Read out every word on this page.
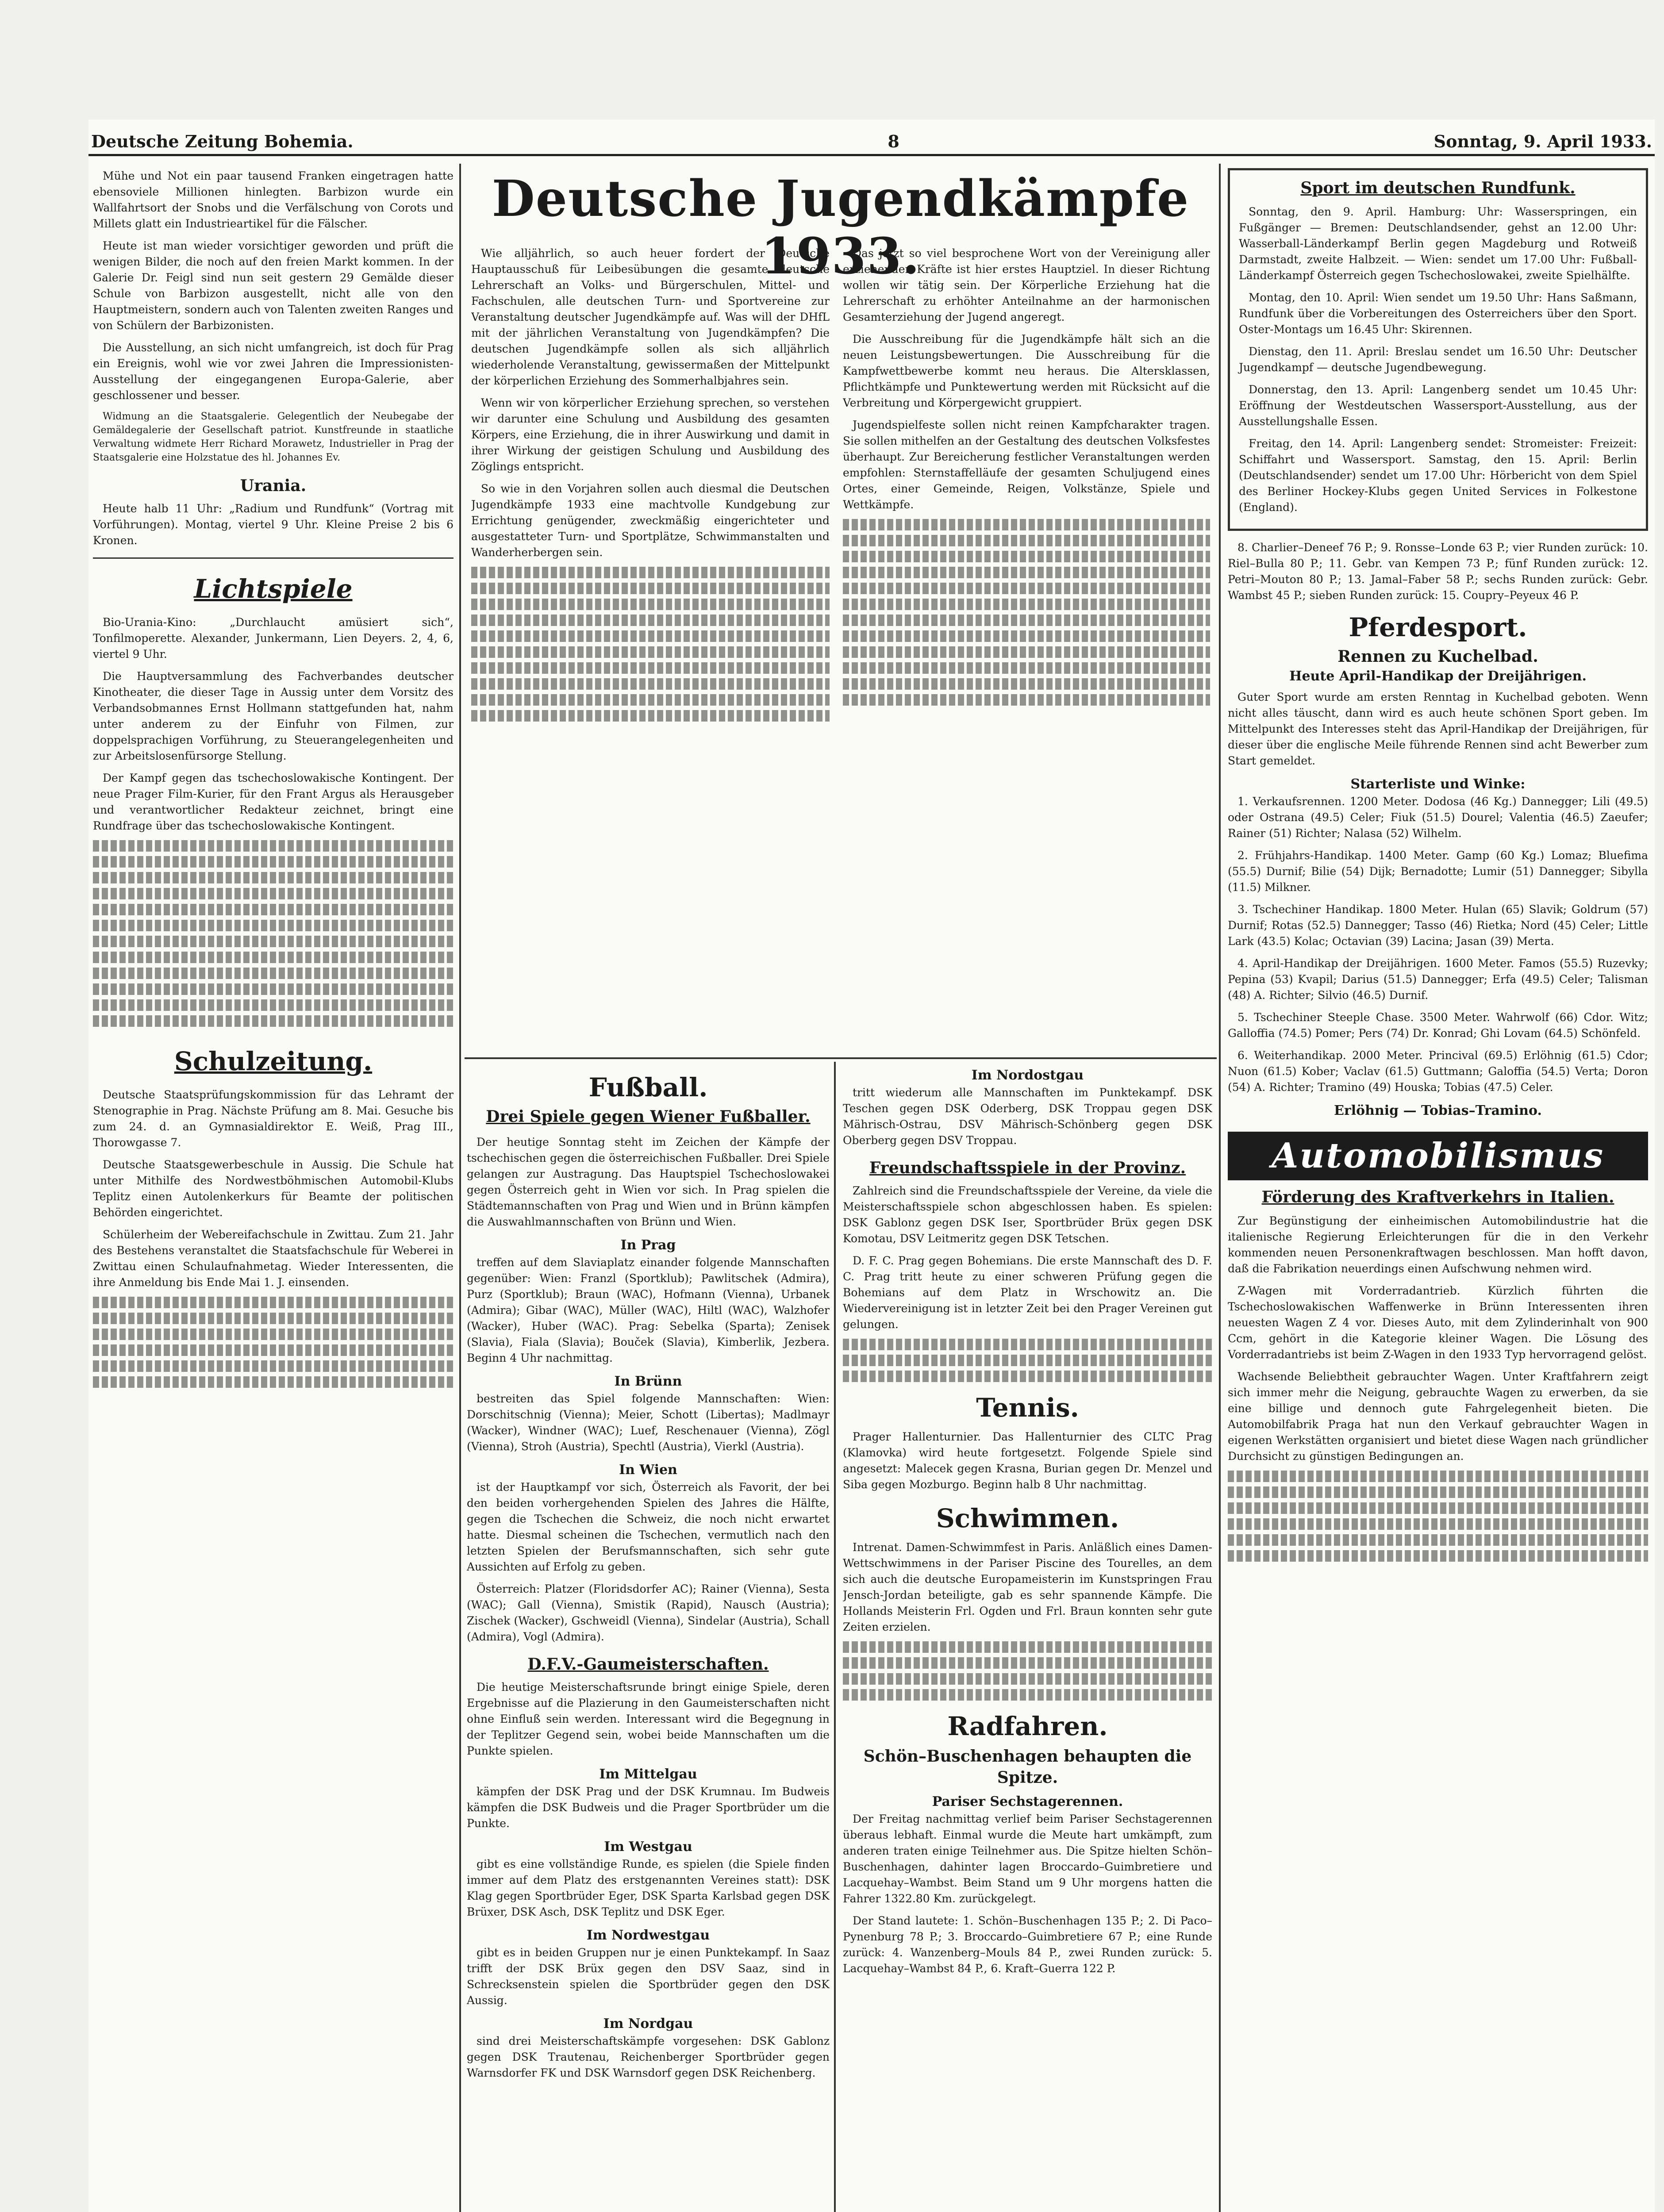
Deutsche Zeitung Bohemia.	8	Sonntag, 9. April 1933.

Mühe und Not ein paar tausend Franken eingetragen hatte ebensoviele Millionen hinlegten. Barbizon wurde ein Wallfahrtsort der Snobs und die Verfälschung von Corots und Millets glatt ein Industrieartikel für die Fälscher.

Heute ist man wieder vorsichtiger geworden und prüft die wenigen Bilder, die noch auf den freien Markt kommen. In der Galerie Dr. Feigl sind nun seit gestern 29 Gemälde dieser Schule von Barbizon ausgestellt, nicht alle von den Hauptmeistern, sondern auch von Talenten zweiten Ranges und von Schülern der Barbizonisten.

Die Ausstellung, an sich nicht umfangreich, ist doch für Prag ein Ereignis, wohl wie vor zwei Jahren die Impressionisten-Ausstellung der eingegangenen Europa-Galerie, aber geschlossener und besser.

Widmung an die Staatsgalerie. Gelegentlich der Neubegabe der Gemäldegalerie der Gesellschaft patriot. Kunstfreunde in staatliche Verwaltung widmete Herr Richard Morawetz, Industrieller in Prag der Staatsgalerie eine Holzstatue des hl. Johannes Ev.

Urania.

Heute halb 11 Uhr: „Radium und Rundfunk“ (Vortrag mit Vorführungen). Montag, viertel 9 Uhr. Kleine Preise 2 bis 6 Kronen.

Lichtspiele

Bio-Urania-Kino: „Durchlaucht amüsiert sich“, Tonfilmoperette. Alexander, Junkermann, Lien Deyers. 2, 4, 6, viertel 9 Uhr.

Die Hauptversammlung des Fachverbandes deutscher Kinotheater, die dieser Tage in Aussig unter dem Vorsitz des Verbandsobmannes Ernst Hollmann stattgefunden hat, nahm unter anderem zu der Einfuhr von Filmen, zur doppelsprachigen Vorführung, zu Steuerangelegenheiten und zur Arbeitslosenfürsorge Stellung.

Der Kampf gegen das tschechoslowakische Kontingent. Der neue Prager Film-Kurier, für den Frant Argus als Herausgeber und verantwortlicher Redakteur zeichnet, bringt eine Rundfrage über das tschechoslowakische Kontingent.

Schulzeitung.

Deutsche Staatsprüfungskommission für das Lehramt der Stenographie in Prag. Nächste Prüfung am 8. Mai. Gesuche bis zum 24. d. an Gymnasialdirektor E. Weiß, Prag III., Thorowgasse 7.

Deutsche Staatsgewerbeschule in Aussig. Die Schule hat unter Mithilfe des Nordwestböhmischen Automobil-Klubs Teplitz einen Autolenkerkurs für Beamte der politischen Behörden eingerichtet.

Schülerheim der Webereifachschule in Zwittau. Zum 21. Jahr des Bestehens veranstaltet die Staatsfachschule für Weberei in Zwittau einen Schulaufnahmetag. Wieder Interessenten, die ihre Anmeldung bis Ende Mai 1. J. einsenden.

Deutsche Jugendkämpfe 1933.

Wie alljährlich, so auch heuer fordert der Deutsche Hauptausschuß für Leibesübungen die gesamte deutsche Lehrerschaft an Volks- und Bürgerschulen, Mittel- und Fachschulen, alle deutschen Turn- und Sportvereine zur Veranstaltung deutscher Jugendkämpfe auf. Was will der DHfL mit der jährlichen Veranstaltung von Jugendkämpfen? Die deutschen Jugendkämpfe sollen als sich alljährlich wiederholende Veranstaltung, gewissermaßen der Mittelpunkt der körperlichen Erziehung des Sommerhalbjahres sein.

Wenn wir von körperlicher Erziehung sprechen, so verstehen wir darunter eine Schulung und Ausbildung des gesamten Körpers, eine Erziehung, die in ihrer Auswirkung und damit in ihrer Wirkung der geistigen Schulung und Ausbildung des Zöglings entspricht.

So wie in den Vorjahren sollen auch diesmal die Deutschen Jugendkämpfe 1933 eine machtvolle Kundgebung zur Errichtung genügender, zweckmäßig eingerichteter und ausgestatteter Turn- und Sportplätze, Schwimmanstalten und Wanderherbergen sein.

Das jetzt so viel besprochene Wort von der Vereinigung aller erziehenden Kräfte ist hier erstes Hauptziel. In dieser Richtung wollen wir tätig sein. Der Körperliche Erziehung hat die Lehrerschaft zu erhöhter Anteilnahme an der harmonischen Gesamterziehung der Jugend angeregt.

Die Ausschreibung für die Jugendkämpfe hält sich an die neuen Leistungsbewertungen. Die Ausschreibung für die Kampfwettbewerbe kommt neu heraus. Die Altersklassen, Pflichtkämpfe und Punktewertung werden mit Rücksicht auf die Verbreitung und Körpergewicht gruppiert.

Jugendspielfeste sollen nicht reinen Kampfcharakter tragen. Sie sollen mithelfen an der Gestaltung des deutschen Volksfestes überhaupt. Zur Bereicherung festlicher Veranstaltungen werden empfohlen: Sternstaffelläufe der gesamten Schuljugend eines Ortes, einer Gemeinde, Reigen, Volkstänze, Spiele und Wettkämpfe.

Fußball.
Drei Spiele gegen Wiener Fußballer.

Der heutige Sonntag steht im Zeichen der Kämpfe der tschechischen gegen die österreichischen Fußballer. Drei Spiele gelangen zur Austragung. Das Hauptspiel Tschechoslowakei gegen Österreich geht in Wien vor sich. In Prag spielen die Städtemannschaften von Prag und Wien und in Brünn kämpfen die Auswahlmannschaften von Brünn und Wien.

In Prag

treffen auf dem Slaviaplatz einander folgende Mannschaften gegenüber: Wien: Franzl (Sportklub); Pawlitschek (Admira), Purz (Sportklub); Braun (WAC), Hofmann (Vienna), Urbanek (Admira); Gibar (WAC), Müller (WAC), Hiltl (WAC), Walzhofer (Wacker), Huber (WAC). Prag: Sebelka (Sparta); Zenisek (Slavia), Fiala (Slavia); Bouček (Slavia), Kimberlik, Jezbera. Beginn 4 Uhr nachmittag.

In Brünn

bestreiten das Spiel folgende Mannschaften: Wien: Dorschitschnig (Vienna); Meier, Schott (Libertas); Madlmayr (Wacker), Windner (WAC); Luef, Reschenauer (Vienna), Zögl (Vienna), Stroh (Austria), Spechtl (Austria), Vierkl (Austria).

In Wien

ist der Hauptkampf vor sich, Österreich als Favorit, der bei den beiden vorhergehenden Spielen des Jahres die Hälfte, gegen die Tschechen die Schweiz, die noch nicht erwartet hatte. Diesmal scheinen die Tschechen, vermutlich nach den letzten Spielen der Berufsmannschaften, sich sehr gute Aussichten auf Erfolg zu geben.

Österreich: Platzer (Floridsdorfer AC); Rainer (Vienna), Sesta (WAC); Gall (Vienna), Smistik (Rapid), Nausch (Austria); Zischek (Wacker), Gschweidl (Vienna), Sindelar (Austria), Schall (Admira), Vogl (Admira).

D.F.V.-Gaumeisterschaften.

Die heutige Meisterschaftsrunde bringt einige Spiele, deren Ergebnisse auf die Plazierung in den Gaumeisterschaften nicht ohne Einfluß sein werden. Interessant wird die Begegnung in der Teplitzer Gegend sein, wobei beide Mannschaften um die Punkte spielen.

Im Mittelgau

kämpfen der DSK Prag und der DSK Krumnau. Im Budweis kämpfen die DSK Budweis und die Prager Sportbrüder um die Punkte.

Im Westgau

gibt es eine vollständige Runde, es spielen (die Spiele finden immer auf dem Platz des erstgenannten Vereines statt): DSK Klag gegen Sportbrüder Eger, DSK Sparta Karlsbad gegen DSK Brüxer, DSK Asch, DSK Teplitz und DSK Eger.

Im Nordwestgau

gibt es in beiden Gruppen nur je einen Punktekampf. In Saaz trifft der DSK Brüx gegen den DSV Saaz, sind in Schrecksenstein spielen die Sportbrüder gegen den DSK Aussig.

Im Nordgau

sind drei Meisterschaftskämpfe vorgesehen: DSK Gablonz gegen DSK Trautenau, Reichenberger Sportbrüder gegen Warnsdorfer FK und DSK Warnsdorf gegen DSK Reichenberg.

Im Nordostgau

tritt wiederum alle Mannschaften im Punktekampf. DSK Teschen gegen DSK Oderberg, DSK Troppau gegen DSK Mährisch-Ostrau, DSV Mährisch-Schönberg gegen DSK Oberberg gegen DSV Troppau.

Freundschaftsspiele in der Provinz.

Zahlreich sind die Freundschaftsspiele der Vereine, da viele die Meisterschaftsspiele schon abgeschlossen haben. Es spielen: DSK Gablonz gegen DSK Iser, Sportbrüder Brüx gegen DSK Komotau, DSV Leitmeritz gegen DSK Tetschen.

D. F. C. Prag gegen Bohemians. Die erste Mannschaft des D. F. C. Prag tritt heute zu einer schweren Prüfung gegen die Bohemians auf dem Platz in Wrschowitz an. Die Wiedervereinigung ist in letzter Zeit bei den Prager Vereinen gut gelungen.

Tennis.

Prager Hallenturnier. Das Hallenturnier des CLTC Prag (Klamovka) wird heute fortgesetzt. Folgende Spiele sind angesetzt: Malecek gegen Krasna, Burian gegen Dr. Menzel und Siba gegen Mozburgo. Beginn halb 8 Uhr nachmittag.

Schwimmen.

Intrenat. Damen-Schwimmfest in Paris. Anläßlich eines Damen-Wettschwimmens in der Pariser Piscine des Tourelles, an dem sich auch die deutsche Europameisterin im Kunstspringen Frau Jensch-Jordan beteiligte, gab es sehr spannende Kämpfe. Die Hollands Meisterin Frl. Ogden und Frl. Braun konnten sehr gute Zeiten erzielen.

Radfahren.
Schön–Buschenhagen behaupten die Spitze.
Pariser Sechstagerennen.

Der Freitag nachmittag verlief beim Pariser Sechstagerennen überaus lebhaft. Einmal wurde die Meute hart umkämpft, zum anderen traten einige Teilnehmer aus. Die Spitze hielten Schön–Buschenhagen, dahinter lagen Broccardo–Guimbretiere und Lacquehay–Wambst. Beim Stand um 9 Uhr morgens hatten die Fahrer 1322.80 Km. zurückgelegt.

Der Stand lautete: 1. Schön–Buschenhagen 135 P.; 2. Di Paco–Pynenburg 78 P.; 3. Broccardo–Guimbretiere 67 P.; eine Runde zurück: 4. Wanzenberg–Mouls 84 P., zwei Runden zurück: 5. Lacquehay–Wambst 84 P., 6. Kraft–Guerra 122 P.

Sport im deutschen Rundfunk.

Sonntag, den 9. April. Hamburg: Uhr: Wasserspringen, ein Fußgänger — Bremen: Deutschlandsender, gehst an 12.00 Uhr: Wasserball-Länderkampf Berlin gegen Magdeburg und Rotweiß Darmstadt, zweite Halbzeit. — Wien: sendet um 17.00 Uhr: Fußball-Länderkampf Österreich gegen Tschechoslowakei, zweite Spielhälfte.

Montag, den 10. April: Wien sendet um 19.50 Uhr: Hans Saßmann, Rundfunk über die Vorbereitungen des Osterreichers über den Sport. Oster-Montags um 16.45 Uhr: Skirennen.

Dienstag, den 11. April: Breslau sendet um 16.50 Uhr: Deutscher Jugendkampf — deutsche Jugendbewegung.

Donnerstag, den 13. April: Langenberg sendet um 10.45 Uhr: Eröffnung der Westdeutschen Wassersport-Ausstellung, aus der Ausstellungshalle Essen.

Freitag, den 14. April: Langenberg sendet: Stromeister: Freizeit: Schiffahrt und Wassersport. Samstag, den 15. April: Berlin (Deutschlandsender) sendet um 17.00 Uhr: Hörbericht von dem Spiel des Berliner Hockey-Klubs gegen United Services in Folkestone (England).

8. Charlier–Deneef 76 P.; 9. Ronsse–Londe 63 P.; vier Runden zurück: 10. Riel–Bulla 80 P.; 11. Gebr. van Kempen 73 P.; fünf Runden zurück: 12. Petri–Mouton 80 P.; 13. Jamal–Faber 58 P.; sechs Runden zurück: Gebr. Wambst 45 P.; sieben Runden zurück: 15. Coupry–Peyeux 46 P.

Pferdesport.
Rennen zu Kuchelbad.
Heute April-Handikap der Dreijährigen.

Guter Sport wurde am ersten Renntag in Kuchelbad geboten. Wenn nicht alles täuscht, dann wird es auch heute schönen Sport geben. Im Mittelpunkt des Interesses steht das April-Handikap der Dreijährigen, für dieser über die englische Meile führende Rennen sind acht Bewerber zum Start gemeldet.

Starterliste und Winke:

1. Verkaufsrennen. 1200 Meter. Dodosa (46 Kg.) Dannegger; Lili (49.5) oder Ostrana (49.5) Celer; Fiuk (51.5) Dourel; Valentia (46.5) Zaeufer; Rainer (51) Richter; Nalasa (52) Wilhelm.

2. Frühjahrs-Handikap. 1400 Meter. Gamp (60 Kg.) Lomaz; Bluefima (55.5) Durnif; Bilie (54) Dijk; Bernadotte; Lumir (51) Dannegger; Sibylla (11.5) Milkner.

3. Tschechiner Handikap. 1800 Meter. Hulan (65) Slavik; Goldrum (57) Durnif; Rotas (52.5) Dannegger; Tasso (46) Rietka; Nord (45) Celer; Little Lark (43.5) Kolac; Octavian (39) Lacina; Jasan (39) Merta.

4. April-Handikap der Dreijährigen. 1600 Meter. Famos (55.5) Ruzevky; Pepina (53) Kvapil; Darius (51.5) Dannegger; Erfa (49.5) Celer; Talisman (48) A. Richter; Silvio (46.5) Durnif.

5. Tschechiner Steeple Chase. 3500 Meter. Wahrwolf (66) Cdor. Witz; Galloffia (74.5) Pomer; Pers (74) Dr. Konrad; Ghi Lovam (64.5) Schönfeld.

6. Weiterhandikap. 2000 Meter. Princival (69.5) Erlöhnig (61.5) Cdor; Nuon (61.5) Kober; Vaclav (61.5) Guttmann; Galoffia (54.5) Verta; Doron (54) A. Richter; Tramino (49) Houska; Tobias (47.5) Celer.

Erlöhnig — Tobias–Tramino.
Automobilismus
Förderung des Kraftverkehrs in Italien.

Zur Begünstigung der einheimischen Automobilindustrie hat die italienische Regierung Erleichterungen für die in den Verkehr kommenden neuen Personenkraftwagen beschlossen. Man hofft davon, daß die Fabrikation neuerdings einen Aufschwung nehmen wird.

Z-Wagen mit Vorderradantrieb. Kürzlich führten die Tschechoslowakischen Waffenwerke in Brünn Interessenten ihren neuesten Wagen Z 4 vor. Dieses Auto, mit dem Zylinderinhalt von 900 Ccm, gehört in die Kategorie kleiner Wagen. Die Lösung des Vorderradantriebs ist beim Z-Wagen in den 1933 Typ hervorragend gelöst.

Wachsende Beliebtheit gebrauchter Wagen. Unter Kraftfahrern zeigt sich immer mehr die Neigung, gebrauchte Wagen zu erwerben, da sie eine billige und dennoch gute Fahrgelegenheit bieten. Die Automobilfabrik Praga hat nun den Verkauf gebrauchter Wagen in eigenen Werkstätten organisiert und bietet diese Wagen nach gründlicher Durchsicht zu günstigen Bedingungen an.
